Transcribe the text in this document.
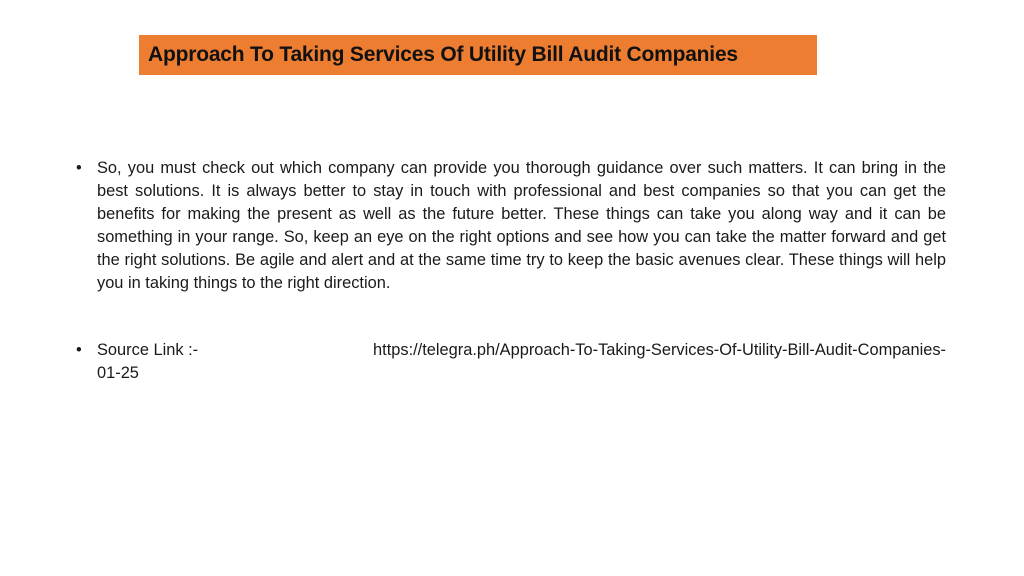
Approach To Taking Services Of Utility Bill Audit Companies
• So, you must check out which company can provide you thorough guidance over such matters. It can bring in the best solutions. It is always better to stay in touch with professional and best companies so that you can get the benefits for making the present as well as the future better. These things can take you along way and it can be something in your range. So, keep an eye on the right options and see how you can take the matter forward and get the right solutions. Be agile and alert and at the same time try to keep the basic avenues clear. These things will help you in taking things to the right direction.
• Source Link :-	https://telegra.ph/Approach-To-Taking-Services-Of-Utility-Bill-Audit-Companies-
01-25
